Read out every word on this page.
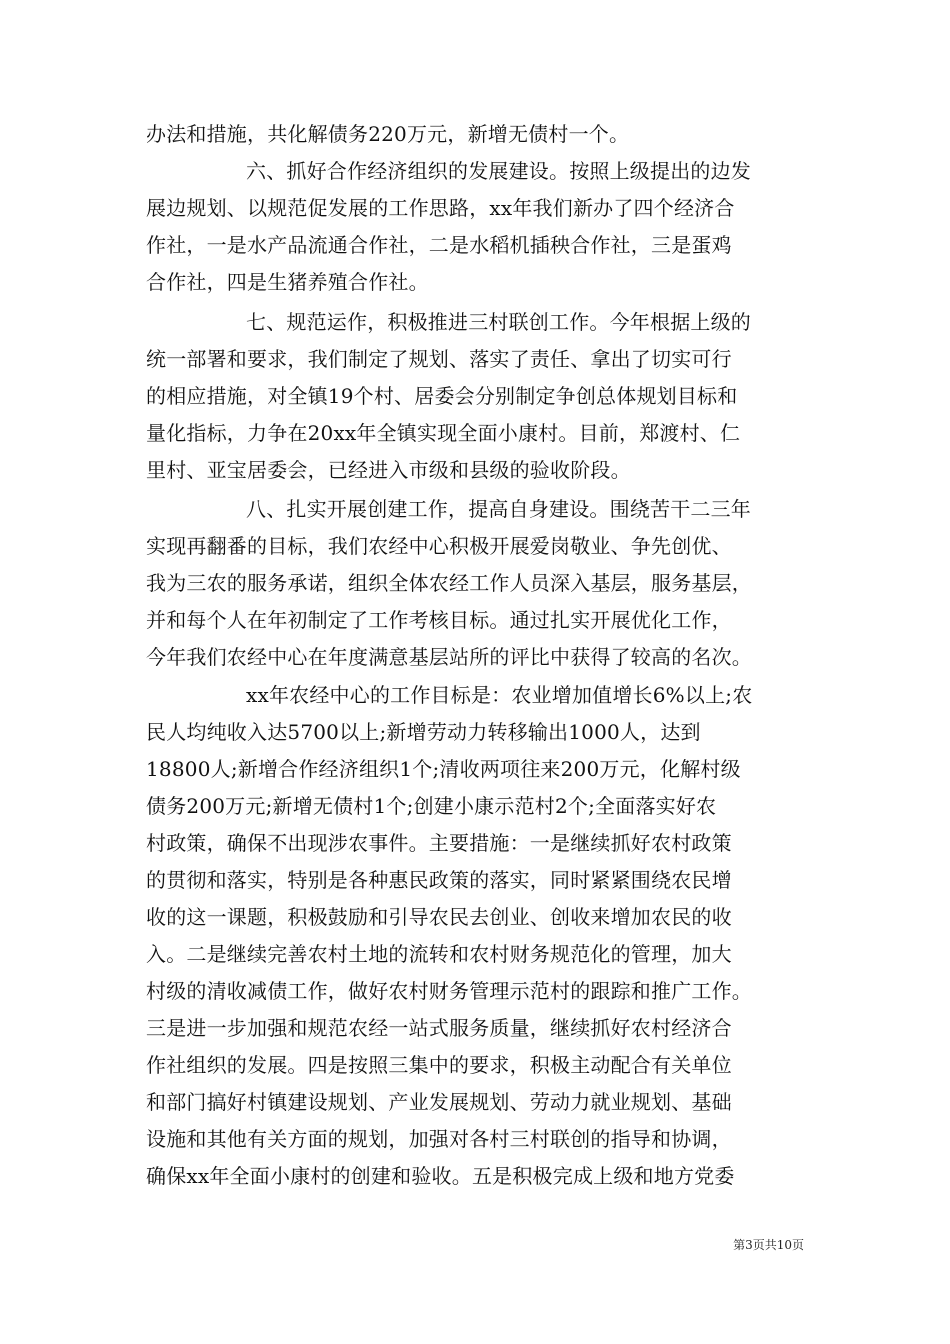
办法和措施，共化解债务220万元，新增无债村一个。
六、抓好合作经济组织的发展建设。按照上级提出的边发
展边规划、以规范促发展的工作思路，xx年我们新办了四个经济合
作社，一是水产品流通合作社，二是水稻机插秧合作社，三是蛋鸡
合作社，四是生猪养殖合作社。
七、规范运作，积极推进三村联创工作。今年根据上级的
统一部署和要求，我们制定了规划、落实了责任、拿出了切实可行
的相应措施，对全镇19个村、居委会分别制定争创总体规划目标和
量化指标，力争在20xx年全镇实现全面小康村。目前，郑渡村、仁
里村、亚宝居委会，已经进入市级和县级的验收阶段。
八、扎实开展创建工作，提高自身建设。围绕苦干二三年
实现再翻番的目标，我们农经中心积极开展爱岗敬业、争先创优、
我为三农的服务承诺，组织全体农经工作人员深入基层，服务基层，
并和每个人在年初制定了工作考核目标。通过扎实开展优化工作，
今年我们农经中心在年度满意基层站所的评比中获得了较高的名次。
xx年农经中心的工作目标是：农业增加值增长6%以上;农
民人均纯收入达5700以上;新增劳动力转移输出1000人，达到
18800人;新增合作经济组织1个;清收两项往来200万元，化解村级
债务200万元;新增无债村1个;创建小康示范村2个;全面落实好农
村政策，确保不出现涉农事件。主要措施：一是继续抓好农村政策
的贯彻和落实，特别是各种惠民政策的落实，同时紧紧围绕农民增
收的这一课题，积极鼓励和引导农民去创业、创收来增加农民的收
入。二是继续完善农村土地的流转和农村财务规范化的管理，加大
村级的清收减债工作，做好农村财务管理示范村的跟踪和推广工作。
三是进一步加强和规范农经一站式服务质量，继续抓好农村经济合
作社组织的发展。四是按照三集中的要求，积极主动配合有关单位
和部门搞好村镇建设规划、产业发展规划、劳动力就业规划、基础
设施和其他有关方面的规划，加强对各村三村联创的指导和协调，
确保xx年全面小康村的创建和验收。五是积极完成上级和地方党委
第3页共10页
